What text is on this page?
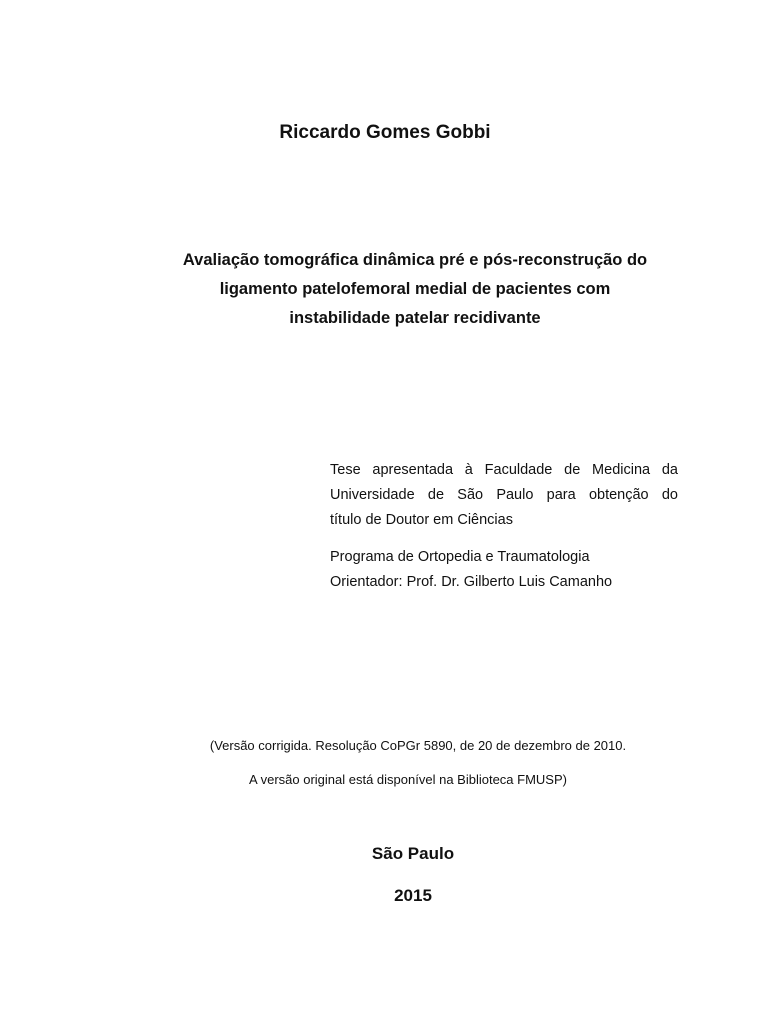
Riccardo Gomes Gobbi
Avaliação tomográfica dinâmica pré e pós-reconstrução do
ligamento patelofemoral medial de pacientes com
instabilidade patelar recidivante
Tese apresentada à Faculdade de Medicina da
Universidade de São Paulo para obtenção do
título de Doutor em Ciências
Programa de Ortopedia e Traumatologia
Orientador: Prof. Dr. Gilberto Luis Camanho
(Versão corrigida. Resolução CoPGr 5890, de 20 de dezembro de 2010.
A versão original está disponível na Biblioteca FMUSP)
São Paulo
2015
